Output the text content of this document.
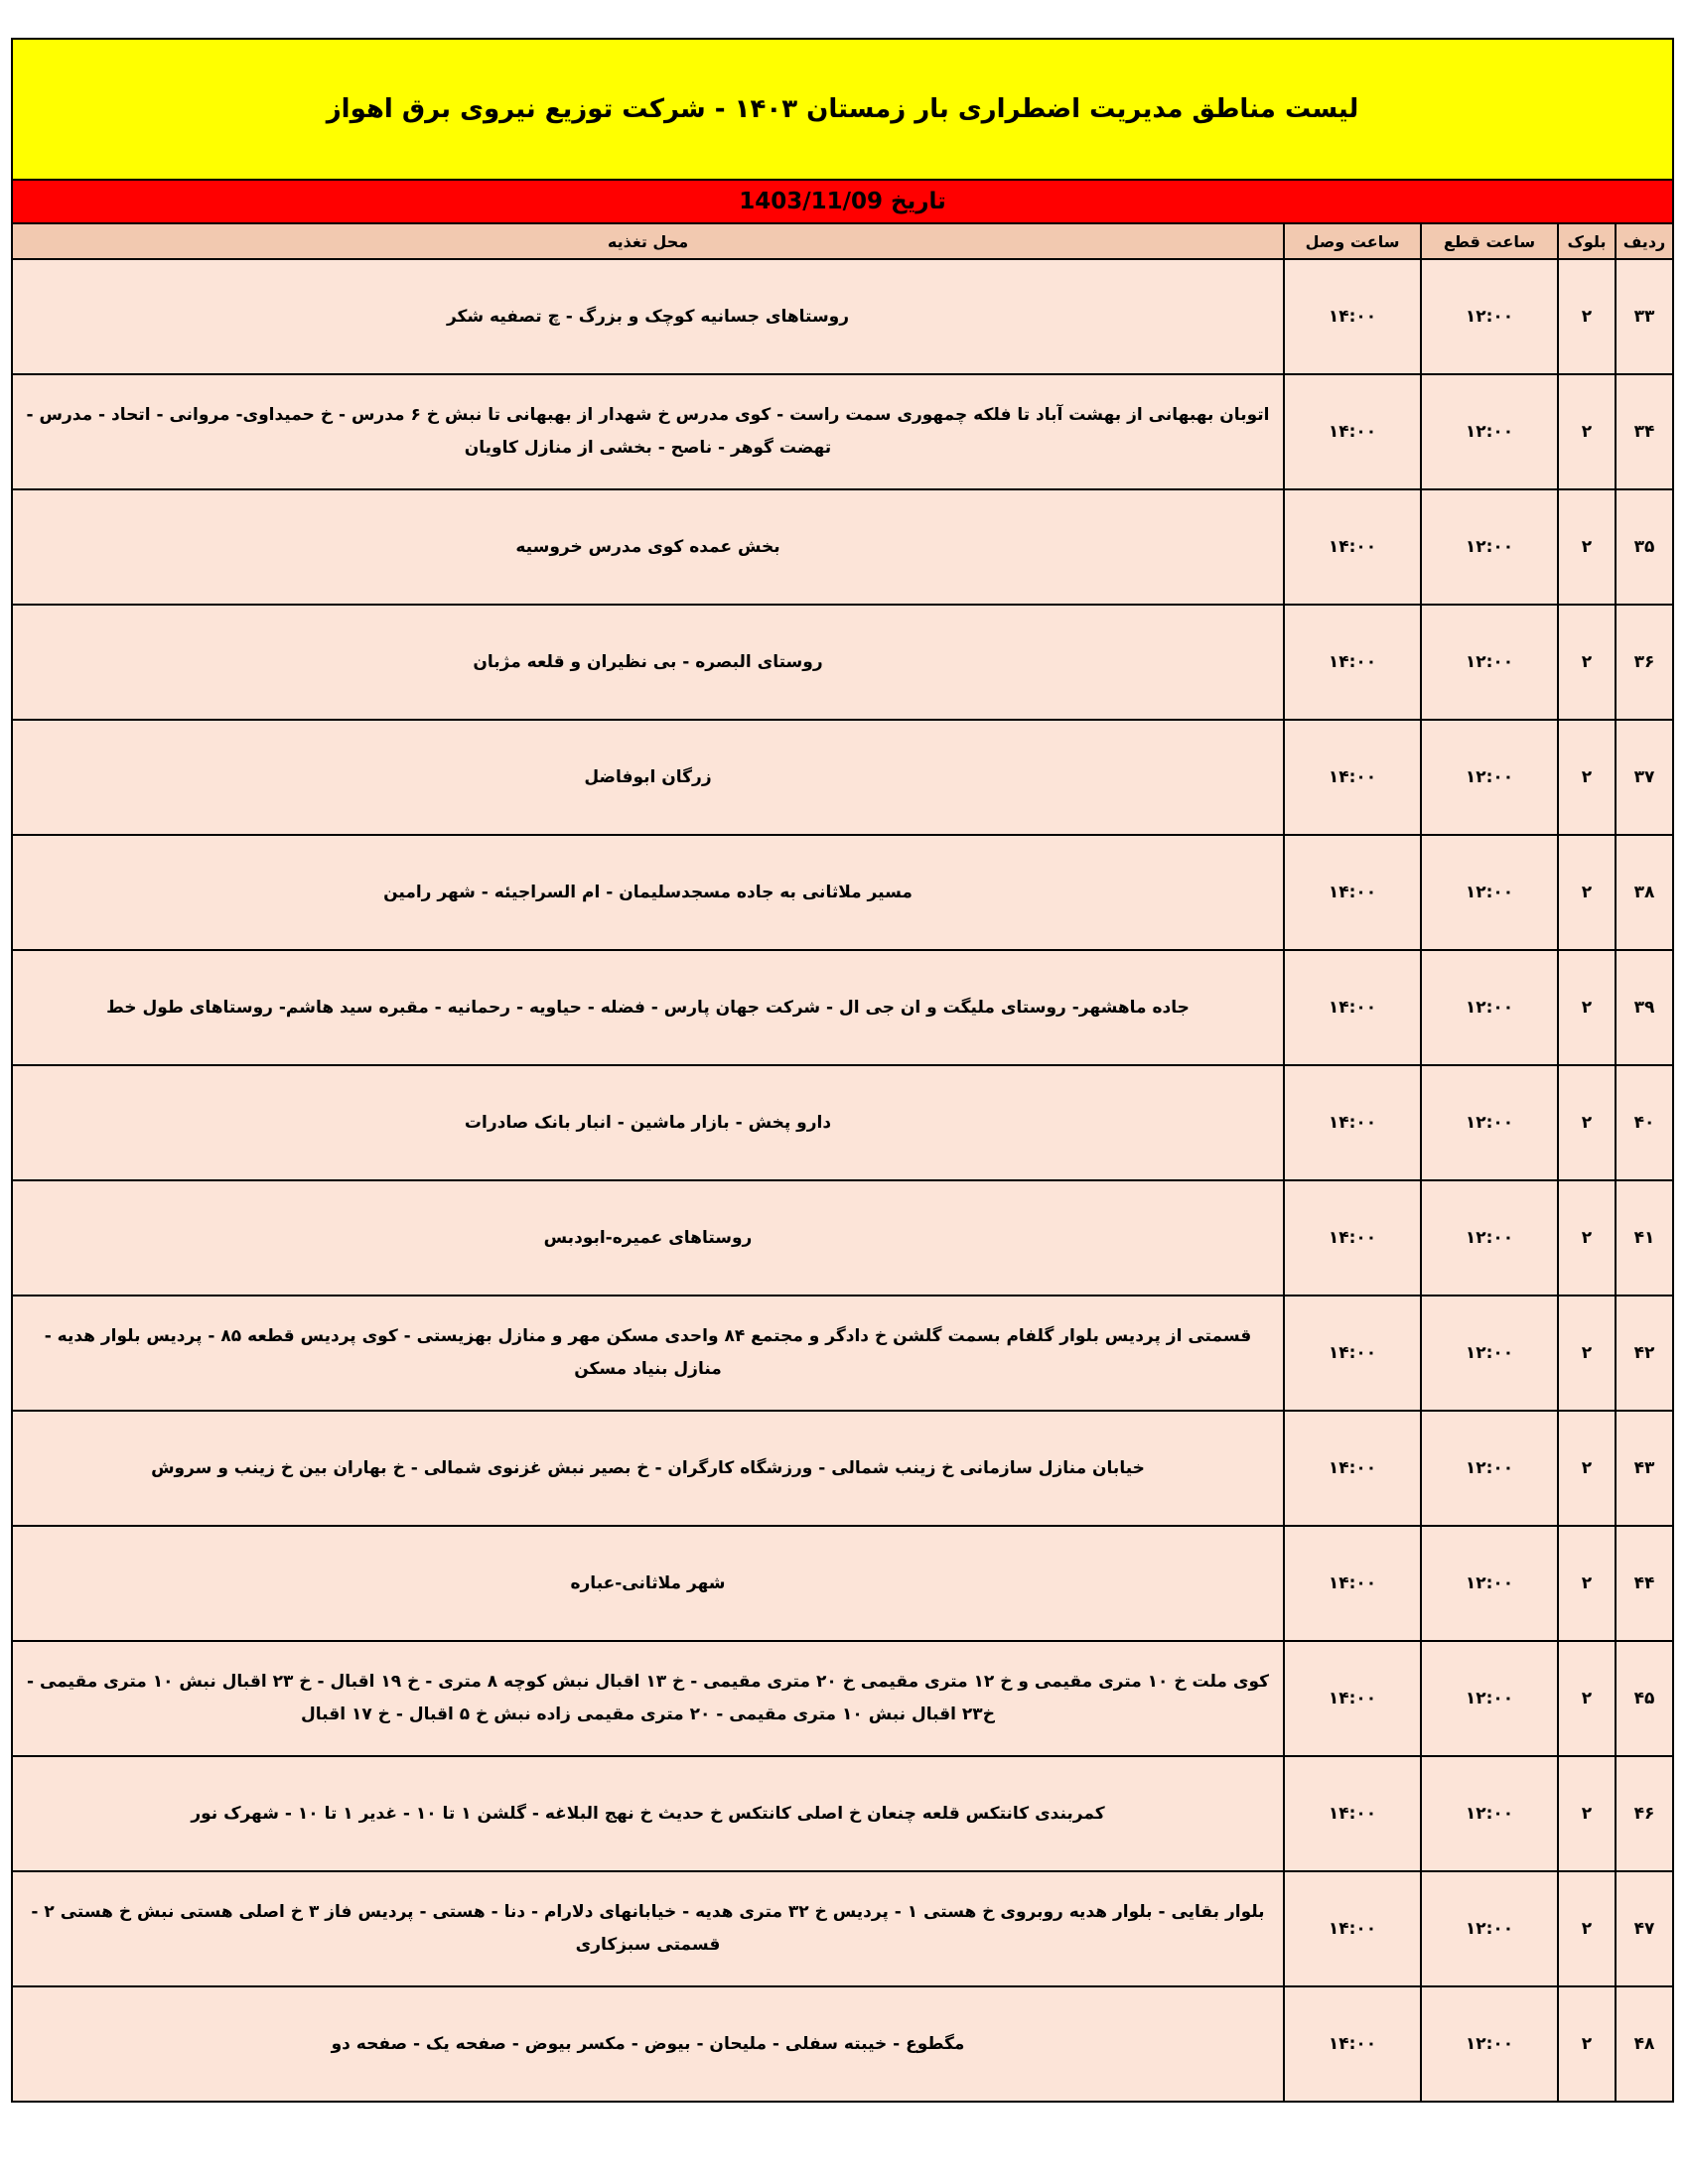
لیست مناطق مدیریت اضطراری بار زمستان ۱۴۰۳ - شرکت توزیع نیروی برق اهواز
تاریخ 1403/11/09
ردیف	بلوک	ساعت قطع	ساعت وصل	محل تغذیه
۳۳	۲	۱۲:۰۰	۱۴:۰۰	روستاهای جسانیه کوچک و بزرگ - چ تصفیه شکر
۳۴	۲	۱۲:۰۰	۱۴:۰۰	اتوبان بهبهانی از بهشت آباد تا فلکه چمهوری سمت راست - کوی مدرس خ شهدار از بهبهانی تا نبش خ ۶ مدرس - خ حمیداوی- مروانی - اتحاد - مدرس - تهضت گوهر - ناصح - بخشی از منازل کاویان
۳۵	۲	۱۲:۰۰	۱۴:۰۰	بخش عمده کوی مدرس خروسیه
۳۶	۲	۱۲:۰۰	۱۴:۰۰	روستای البصره - بی نظیران و قلعه مژبان
۳۷	۲	۱۲:۰۰	۱۴:۰۰	زرگان ابوفاضل
۳۸	۲	۱۲:۰۰	۱۴:۰۰	مسیر ملاثانی به جاده مسجدسلیمان - ام السراجیئه - شهر رامین
۳۹	۲	۱۲:۰۰	۱۴:۰۰	جاده ماهشهر- روستای ملیگت و ان جی ال - شرکت جهان پارس - فضله - حیاویه - رحمانیه - مقبره سید هاشم- روستاهای طول خط
۴۰	۲	۱۲:۰۰	۱۴:۰۰	دارو پخش - بازار ماشین - انبار بانک صادرات
۴۱	۲	۱۲:۰۰	۱۴:۰۰	روستاهای عمیره-ابودبس
۴۲	۲	۱۲:۰۰	۱۴:۰۰	قسمتی از پردیس بلوار گلفام بسمت گلشن خ دادگر و مجتمع ۸۴ واحدی مسکن مهر و منازل بهزیستی - کوی پردیس قطعه ۸۵ - پردیس بلوار هدیه - منازل بنیاد مسکن
۴۳	۲	۱۲:۰۰	۱۴:۰۰	خیابان منازل سازمانی خ زینب شمالی - ورزشگاه کارگران - خ بصیر نبش غزنوی شمالی - خ بهاران بین خ زینب و سروش
۴۴	۲	۱۲:۰۰	۱۴:۰۰	شهر ملاثانی-عباره
۴۵	۲	۱۲:۰۰	۱۴:۰۰	کوی ملت خ ۱۰ متری مقیمی و خ ۱۲ متری مقیمی خ ۲۰ متری مقیمی - خ ۱۳ اقبال نبش کوچه ۸ متری - خ ۱۹ اقبال - خ ۲۳ اقبال نبش ۱۰ متری مقیمی - خ۲۳ اقبال نبش ۱۰ متری مقیمی - ۲۰ متری مقیمی زاده نبش خ ۵ اقبال - خ ۱۷ اقبال
۴۶	۲	۱۲:۰۰	۱۴:۰۰	کمربندی کانتکس قلعه چنعان خ اصلی کانتکس خ حدیث خ نهج البلاغه - گلشن ۱ تا ۱۰ - غدیر ۱ تا ۱۰ - شهرک نور
۴۷	۲	۱۲:۰۰	۱۴:۰۰	بلوار بقایی - بلوار هدیه روبروی خ هستی ۱ - پردیس خ ۳۲ متری هدیه - خیابانهای دلارام - دنا - هستی - پردیس فاز ۳ خ اصلی هستی نبش خ هستی ۲ - قسمتی سبزکاری
۴۸	۲	۱۲:۰۰	۱۴:۰۰	مگطوع - خیبته سفلی - ملیحان - بیوض - مکسر بیوض - صفحه یک - صفحه دو
